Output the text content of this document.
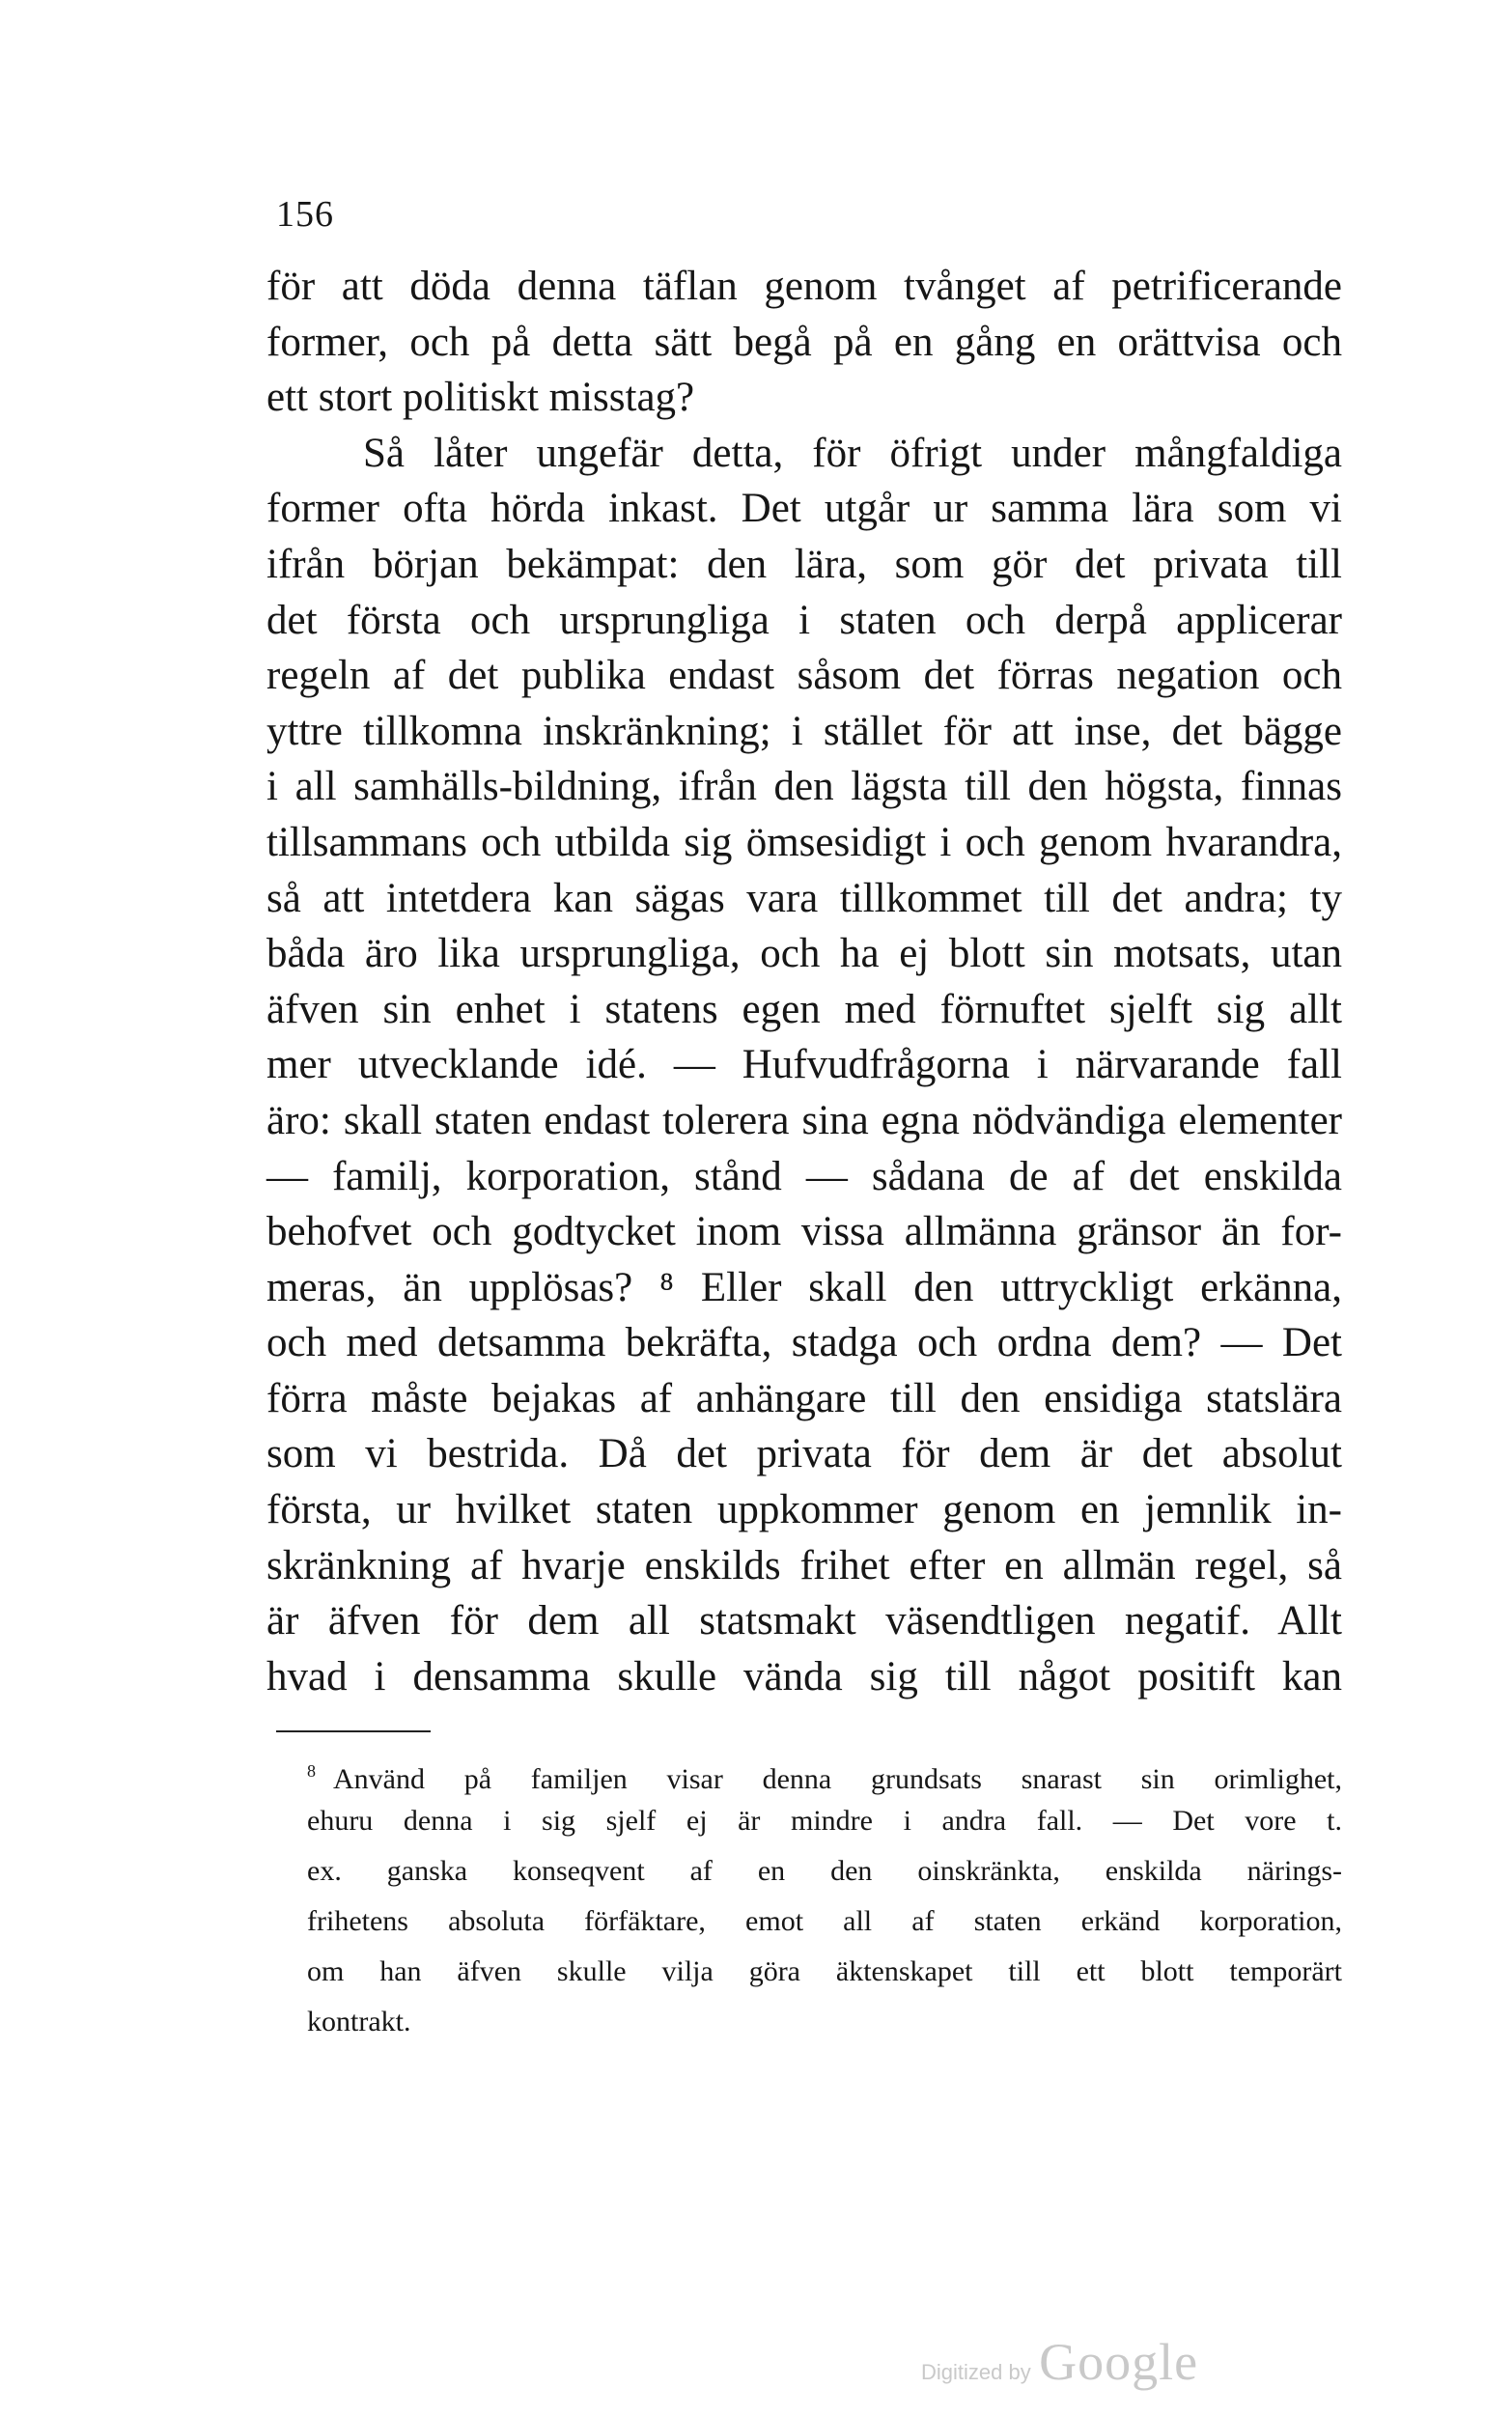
156
för att döda denna täflan genom tvånget af petrificerande
former, och på detta sätt begå på en gång en orättvisa och
ett stort politiskt misstag?
Så låter ungefär detta, för öfrigt under mångfaldiga
former ofta hörda inkast. Det utgår ur samma lära som vi
ifrån början bekämpat: den lära, som gör det privata till
det första och ursprungliga i staten och derpå applicerar
regeln af det publika endast såsom det förras negation och
yttre tillkomna inskränkning; i stället för att inse, det bägge
i all samhälls-bildning, ifrån den lägsta till den högsta, finnas
tillsammans och utbilda sig ömsesidigt i och genom hvarandra,
så att intetdera kan sägas vara tillkommet till det andra; ty
båda äro lika ursprungliga, och ha ej blott sin motsats, utan
äfven sin enhet i statens egen med förnuftet sjelft sig allt
mer utvecklande idé. — Hufvudfrågorna i närvarande fall
äro: skall staten endast tolerera sina egna nödvändiga elementer
— familj, korporation, stånd — sådana de af det enskilda
behofvet och godtycket inom vissa allmänna gränsor än for-
meras, än upplösas? ⁸ Eller skall den uttryckligt erkänna,
och med detsamma bekräfta, stadga och ordna dem? — Det
förra måste bejakas af anhängare till den ensidiga statslära
som vi bestrida. Då det privata för dem är det absolut
första, ur hvilket staten uppkommer genom en jemnlik in-
skränkning af hvarje enskilds frihet efter en allmän regel, så
är äfven för dem all statsmakt väsendtligen negatif. Allt
hvad i densamma skulle vända sig till något positift kan
$^8$ Använd på familjen visar denna grundsats snarast sin orimlighet,
ehuru denna i sig sjelf ej är mindre i andra fall. — Det vore t.
ex. ganska konseqvent af en den oinskränkta, enskilda närings-
frihetens absoluta förfäktare, emot all af staten erkänd korporation,
om han äfven skulle vilja göra äktenskapet till ett blott temporärt
kontrakt.
Digitized by Google
